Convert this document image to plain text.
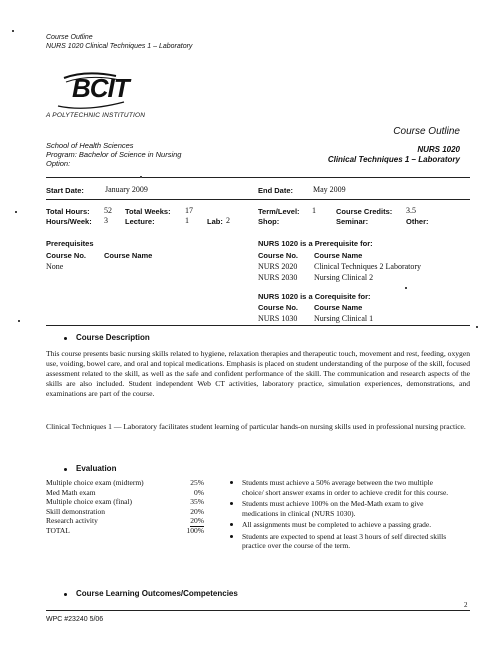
Course Outline
NURS 1020 Clinical Techniques 1 – Laboratory
BCIT
A POLYTECHNIC INSTITUTION
Course Outline
School of Health Sciences
Program: Bachelor of Science in Nursing
Option:
NURS 1020
Clinical Techniques 1 – Laboratory
Start Date:	January 2009	End Date: May 2009
Total Hours: 52 Total Weeks: 17
Hours/Week: 3 Lecture:	1 Lab: 2
Term/Level: 1	Course Credits: 3.5
Shop:	Seminar:	Other:
Prerequisites
Course No. Course Name
None
NURS 1020 is a Prerequisite for:
Course No. Course Name
NURS 2020 Clinical Techniques 2 Laboratory
NURS 2030 Nursing Clinical 2
NURS 1020 is a Corequisite for:
Course No. Course Name
NURS 1030 Nursing Clinical 1
Course Description
This course presents basic nursing skills related to hygiene, relaxation therapies and therapeutic touch, movement and rest, feeding, oxygen use, voiding, bowel care, and oral and topical medications. Emphasis is placed on student understanding of the purpose of the skill, focused assessment related to the skill, as well as the safe and confident performance of the skill. The communication and research aspects of the skills are also included. Student independent Web CT activities, laboratory practice, simulation experiences, demonstrations, and examinations are part of the course.
Clinical Techniques 1 — Laboratory facilitates student learning of particular hands-on nursing skills used in professional nursing practice.
Evaluation
Multiple choice exam (midterm)	25%
Med Math exam	0%
Multiple choice exam (final)	35%
Skill demonstration	20%
Research activity	20%
TOTAL	100%
Students must achieve a 50% average between the two multiple choice/ short answer exams in order to achieve credit for this course.
Students must achieve 100% on the Med-Math exam to give medications in clinical (NURS 1030).
All assignments must be completed to achieve a passing grade.
Students are expected to spend at least 3 hours of self directed skills practice over the course of the term.
Course Learning Outcomes/Competencies
WPC #23240 5/06
2
